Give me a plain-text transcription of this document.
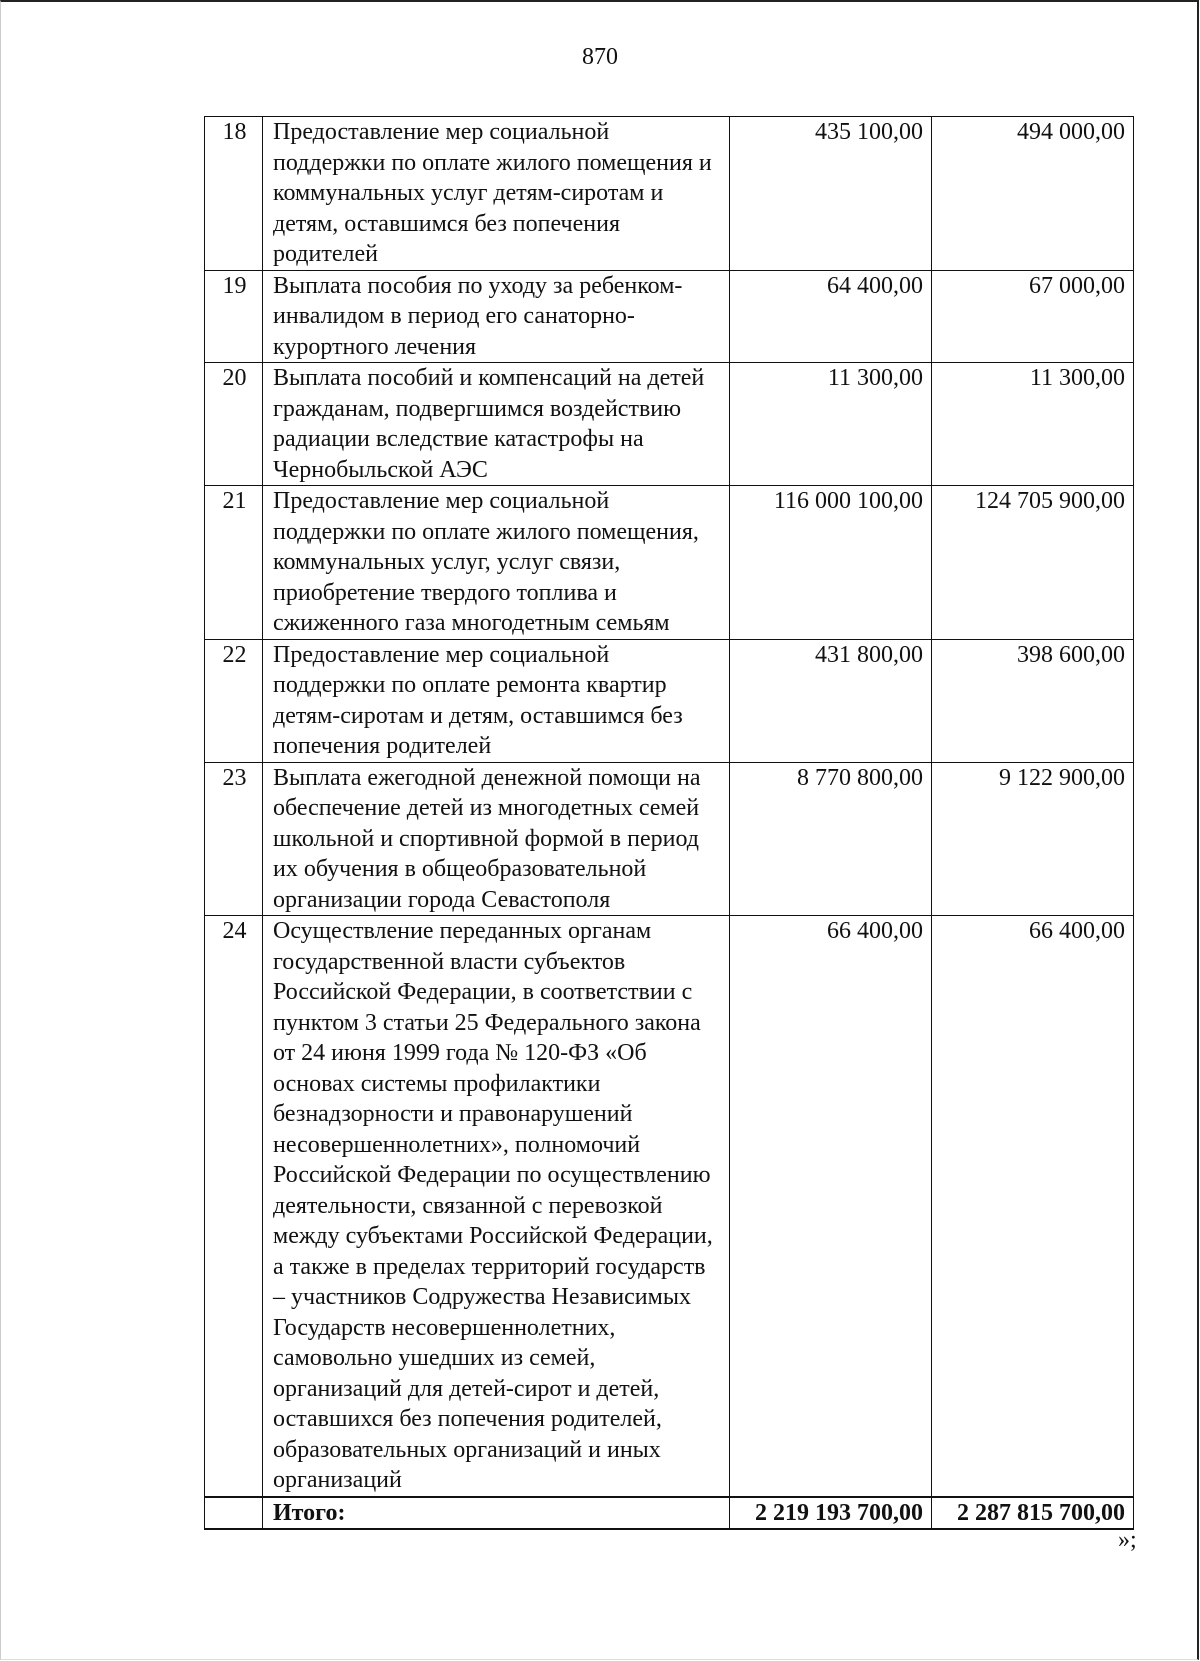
870
18	Предоставление мер социальной поддержки по оплате жилого помещения и коммунальных услуг детям-сиротам и детям, оставшимся без попечения родителей	435 100,00	494 000,00
19	Выплата пособия по уходу за ребенком-инвалидом в период его санаторно-курортного лечения	64 400,00	67 000,00
20	Выплата пособий и компенсаций на детей гражданам, подвергшимся воздействию радиации вследствие катастрофы на Чернобыльской АЭС	11 300,00	11 300,00
21	Предоставление мер социальной поддержки по оплате жилого помещения, коммунальных услуг, услуг связи, приобретение твердого топлива и сжиженного газа многодетным семьям	116 000 100,00	124 705 900,00
22	Предоставление мер социальной поддержки по оплате ремонта квартир детям-сиротам и детям, оставшимся без попечения родителей	431 800,00	398 600,00
23	Выплата ежегодной денежной помощи на обеспечение детей из многодетных семей школьной и спортивной формой в период их обучения в общеобразовательной организации города Севастополя	8 770 800,00	9 122 900,00
24	Осуществление переданных органам государственной власти субъектов Российской Федерации, в соответствии с пунктом 3 статьи 25 Федерального закона от 24 июня 1999 года № 120-ФЗ «Об основах системы профилактики безнадзорности и правонарушений несовершеннолетних», полномочий Российской Федерации по осуществлению деятельности, связанной с перевозкой между субъектами Российской Федерации, а также в пределах территорий государств – участников Содружества Независимых Государств несовершеннолетних, самовольно ушедших из семей, организаций для детей-сирот и детей, оставшихся без попечения родителей, образовательных организаций и иных организаций	66 400,00	66 400,00
	Итого:	2 219 193 700,00	2 287 815 700,00
»;
